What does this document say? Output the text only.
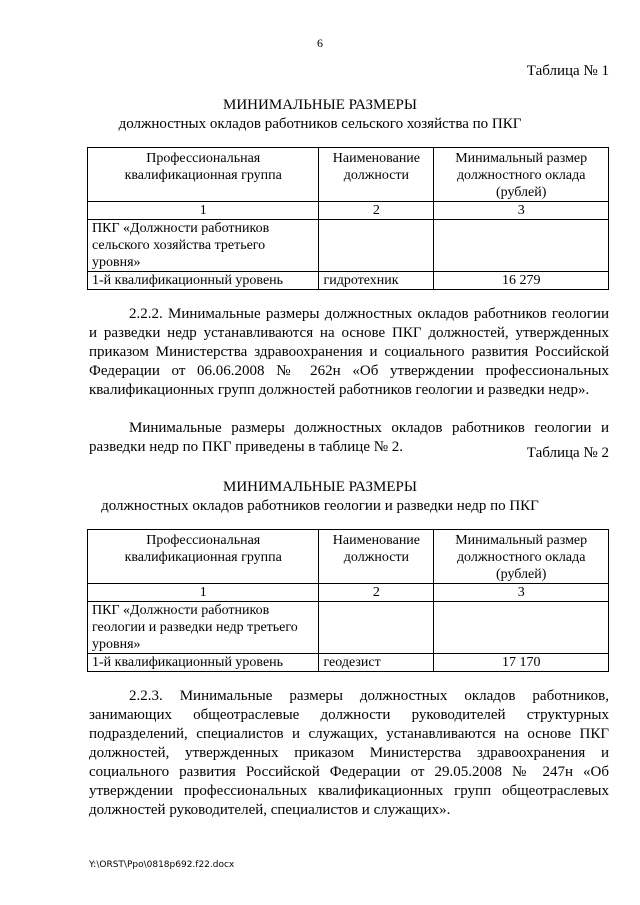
6
Таблица № 1
МИНИМАЛЬНЫЕ РАЗМЕРЫ
должностных окладов работников сельского хозяйства по ПКГ
Профессиональная квалификационная группа	Наименование должности	Минимальный размер должностного оклада (рублей)
1	2	3
ПКГ «Должности работников сельского хозяйства третьего уровня»		
1-й квалификационный уровень	гидротехник	16 279
2.2.2. Минимальные размеры должностных окладов работников геологии и разведки недр устанавливаются на основе ПКГ должностей, утвержденных приказом Министерства здравоохранения и социального развития Российской Федерации от 06.06.2008 № 262н «Об утверждении профессиональных квалификационных групп должностей работников геологии и разведки недр».
Минимальные размеры должностных окладов работников геологии и разведки недр по ПКГ приведены в таблице № 2.	Таблица № 2
МИНИМАЛЬНЫЕ РАЗМЕРЫ
должностных окладов работников геологии и разведки недр по ПКГ
Профессиональная квалификационная группа	Наименование должности	Минимальный размер должностного оклада (рублей)
1	2	3
ПКГ «Должности работников геологии и разведки недр третьего уровня»		
1-й квалификационный уровень	геодезист	17 170
2.2.3. Минимальные размеры должностных окладов работников, занимающих общеотраслевые должности руководителей структурных подразделений, специалистов и служащих, устанавливаются на основе ПКГ должностей, утвержденных приказом Министерства здравоохранения и социального развития Российской Федерации от 29.05.2008 № 247н «Об утверждении профессиональных квалификационных групп общеотраслевых должностей руководителей, специалистов и служащих».
Y:\ORST\Ppo\0818p692.f22.docx
